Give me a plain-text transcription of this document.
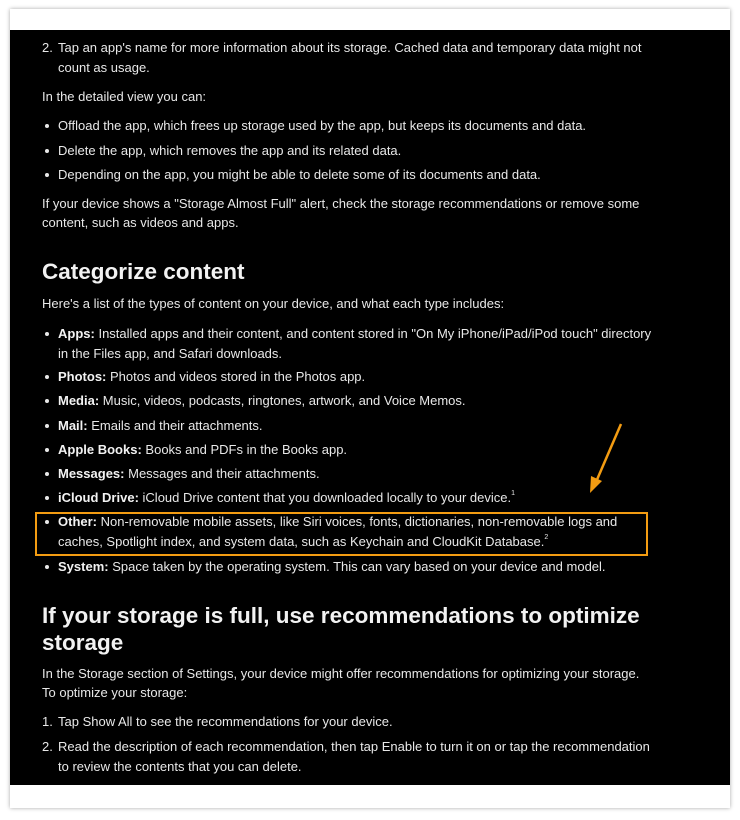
2. Tap an app's name for more information about its storage. Cached data and temporary data might not
count as usage.
In the detailed view you can:
Offload the app, which frees up storage used by the app, but keeps its documents and data.
Delete the app, which removes the app and its related data.
Depending on the app, you might be able to delete some of its documents and data.
If your device shows a "Storage Almost Full" alert, check the storage recommendations or remove some
content, such as videos and apps.
Categorize content
Here's a list of the types of content on your device, and what each type includes:
Apps: Installed apps and their content, and content stored in "On My iPhone/iPad/iPod touch" directory
in the Files app, and Safari downloads.
Photos: Photos and videos stored in the Photos app.
Media: Music, videos, podcasts, ringtones, artwork, and Voice Memos.
Mail: Emails and their attachments.
Apple Books: Books and PDFs in the Books app.
Messages: Messages and their attachments.
iCloud Drive: iCloud Drive content that you downloaded locally to your device.$^1$
Other: Non-removable mobile assets, like Siri voices, fonts, dictionaries, non-removable logs and
caches, Spotlight index, and system data, such as Keychain and CloudKit Database.$^2$
System: Space taken by the operating system. This can vary based on your device and model.
If your storage is full, use recommendations to optimize
storage
In the Storage section of Settings, your device might offer recommendations for optimizing your storage.
To optimize your storage:
1. Tap Show All to see the recommendations for your device.
2. Read the description of each recommendation, then tap Enable to turn it on or tap the recommendation
to review the contents that you can delete.
